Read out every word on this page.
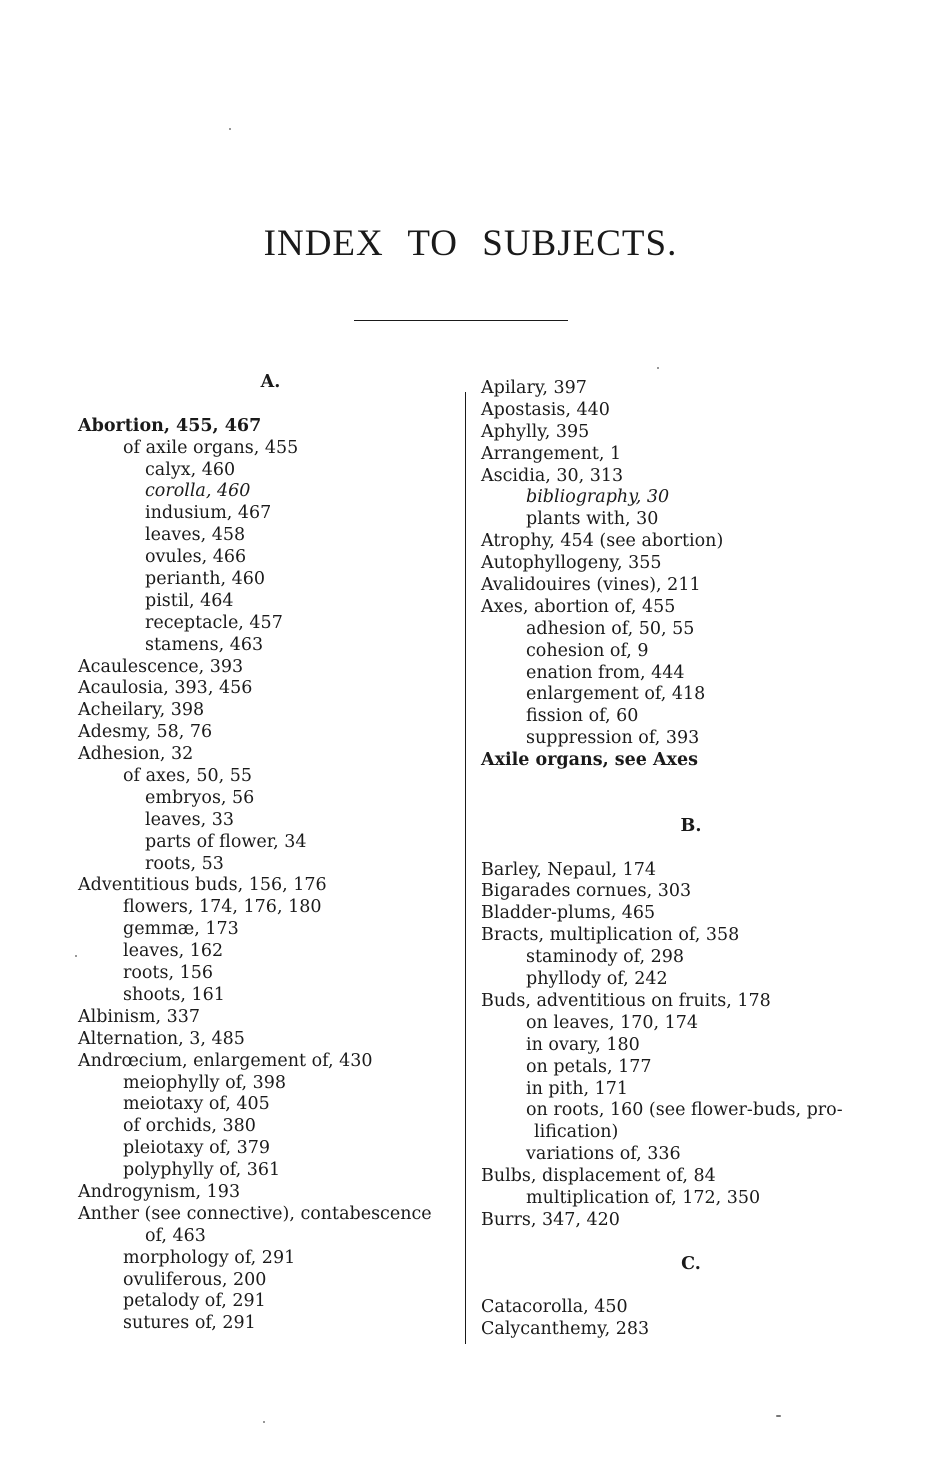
INDEX TO SUBJECTS.
A.
Abortion, 455, 467
of axile organs, 455
calyx, 460
corolla, 460
indusium, 467
leaves, 458
ovules, 466
perianth, 460
pistil, 464
receptacle, 457
stamens, 463
Acaulescence, 393
Acaulosia, 393, 456
Acheilary, 398
Adesmy, 58, 76
Adhesion, 32
of axes, 50, 55
embryos, 56
leaves, 33
parts of flower, 34
roots, 53
Adventitious buds, 156, 176
flowers, 174, 176, 180
gemmæ, 173
leaves, 162
roots, 156
shoots, 161
Albinism, 337
Alternation, 3, 485
Andrœcium, enlargement of, 430
meiophylly of, 398
meiotaxy of, 405
of orchids, 380
pleiotaxy of, 379
polyphylly of, 361
Androgynism, 193
Anther (see connective), contabescence
of, 463
morphology of, 291
ovuliferous, 200
petalody of, 291
sutures of, 291
Apilary, 397
Apostasis, 440
Aphylly, 395
Arrangement, 1
Ascidia, 30, 313
bibliography, 30
plants with, 30
Atrophy, 454 (see abortion)
Autophyllogeny, 355
Avalidouires (vines), 211
Axes, abortion of, 455
adhesion of, 50, 55
cohesion of, 9
enation from, 444
enlargement of, 418
fission of, 60
suppression of, 393
Axile organs, see Axes
B.
Barley, Nepaul, 174
Bigarades cornues, 303
Bladder-plums, 465
Bracts, multiplication of, 358
staminody of, 298
phyllody of, 242
Buds, adventitious on fruits, 178
on leaves, 170, 174
in ovary, 180
on petals, 177
in pith, 171
on roots, 160 (see flower-buds, pro-
lification)
variations of, 336
Bulbs, displacement of, 84
multiplication of, 172, 350
Burrs, 347, 420
C.
Catacorolla, 450
Calycanthemy, 283
